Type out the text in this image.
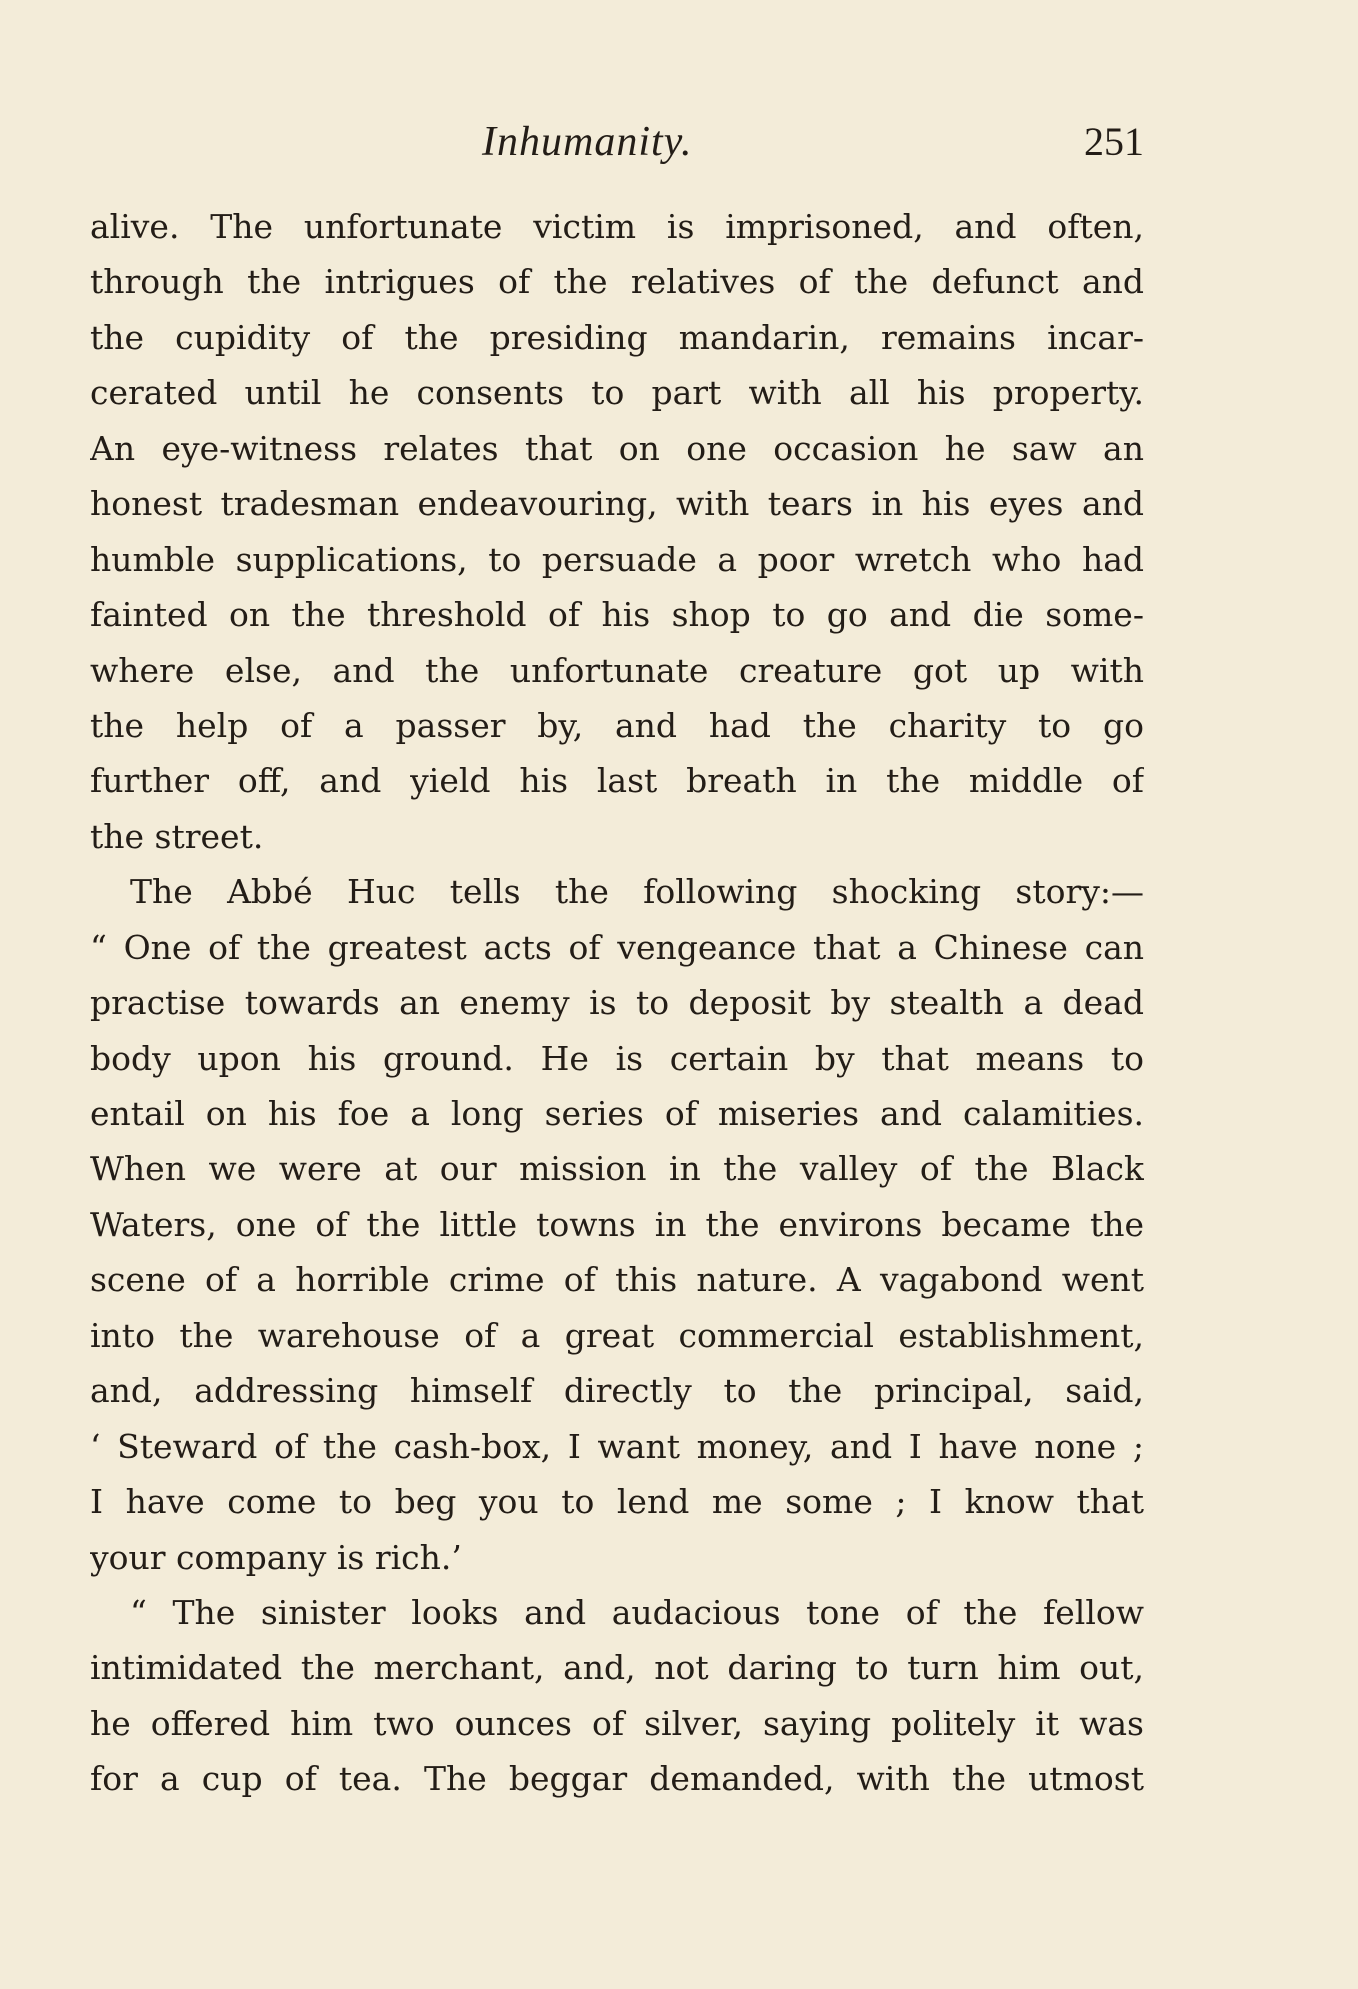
Inhumanity.	251
alive. The unfortunate victim is imprisoned, and often,
through the intrigues of the relatives of the defunct and
the cupidity of the presiding mandarin, remains incar-
cerated until he consents to part with all his property.
An eye-witness relates that on one occasion he saw an
honest tradesman endeavouring, with tears in his eyes and
humble supplications, to persuade a poor wretch who had
fainted on the threshold of his shop to go and die some-
where else, and the unfortunate creature got up with
the help of a passer by, and had the charity to go
further off, and yield his last breath in the middle of
the street.
The Abbé Huc tells the following shocking story:—
“ One of the greatest acts of vengeance that a Chinese can
practise towards an enemy is to deposit by stealth a dead
body upon his ground. He is certain by that means to
entail on his foe a long series of miseries and calamities.
When we were at our mission in the valley of the Black
Waters, one of the little towns in the environs became the
scene of a horrible crime of this nature. A vagabond went
into the warehouse of a great commercial establishment,
and, addressing himself directly to the principal, said,
‘ Steward of the cash-box, I want money, and I have none ;
I have come to beg you to lend me some ; I know that
your company is rich.’
“ The sinister looks and audacious tone of the fellow
intimidated the merchant, and, not daring to turn him out,
he offered him two ounces of silver, saying politely it was
for a cup of tea. The beggar demanded, with the utmost
